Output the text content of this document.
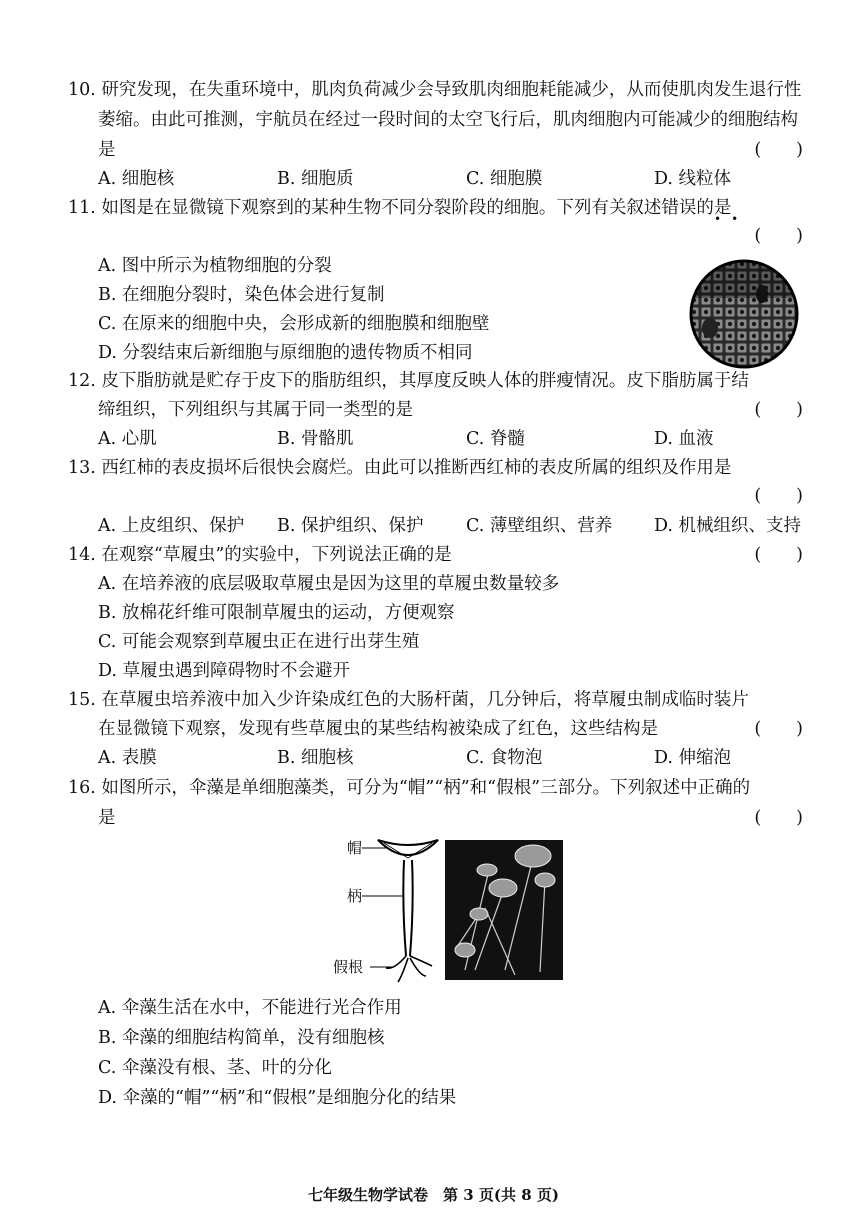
10. 研究发现，在失重环境中，肌肉负荷减少会导致肌肉细胞耗能减少，从而使肌肉发生退行性
萎缩。由此可推测，宇航员在经过一段时间的太空飞行后，肌肉细胞内可能减少的细胞结构
是	(　　)
A. 细胞核	B. 细胞质	C. 细胞膜	D. 线粒体
11. 如图是在显微镜下观察到的某种生物不同分裂阶段的细胞。下列有关叙述错误的是
••
(　　)
A. 图中所示为植物细胞的分裂
B. 在细胞分裂时，染色体会进行复制
C. 在原来的细胞中央，会形成新的细胞膜和细胞壁
D. 分裂结束后新细胞与原细胞的遗传物质不相同
12. 皮下脂肪就是贮存于皮下的脂肪组织，其厚度反映人体的胖瘦情况。皮下脂肪属于结
缔组织，下列组织与其属于同一类型的是	(　　)
A. 心肌	B. 骨骼肌	C. 脊髓	D. 血液
13. 西红柿的表皮损坏后很快会腐烂。由此可以推断西红柿的表皮所属的组织及作用是
(　　)
A. 上皮组织、保护 B. 保护组织、保护 C. 薄壁组织、营养 D. 机械组织、支持
14. 在观察“草履虫”的实验中，下列说法正确的是	(　　)
A. 在培养液的底层吸取草履虫是因为这里的草履虫数量较多
B. 放棉花纤维可限制草履虫的运动，方便观察
C. 可能会观察到草履虫正在进行出芽生殖
D. 草履虫遇到障碍物时不会避开
15. 在草履虫培养液中加入少许染成红色的大肠杆菌，几分钟后，将草履虫制成临时装片
在显微镜下观察，发现有些草履虫的某些结构被染成了红色，这些结构是	(　　)
A. 表膜	B. 细胞核	C. 食物泡	D. 伸缩泡
16. 如图所示，伞藻是单细胞藻类，可分为“帽”“柄”和“假根”三部分。下列叙述中正确的
是	(　　)
帽
柄
假根
A. 伞藻生活在水中，不能进行光合作用
B. 伞藻的细胞结构简单，没有细胞核
C. 伞藻没有根、茎、叶的分化
D. 伞藻的“帽”“柄”和“假根”是细胞分化的结果
七年级生物学试卷　第 3 页(共 8 页)
